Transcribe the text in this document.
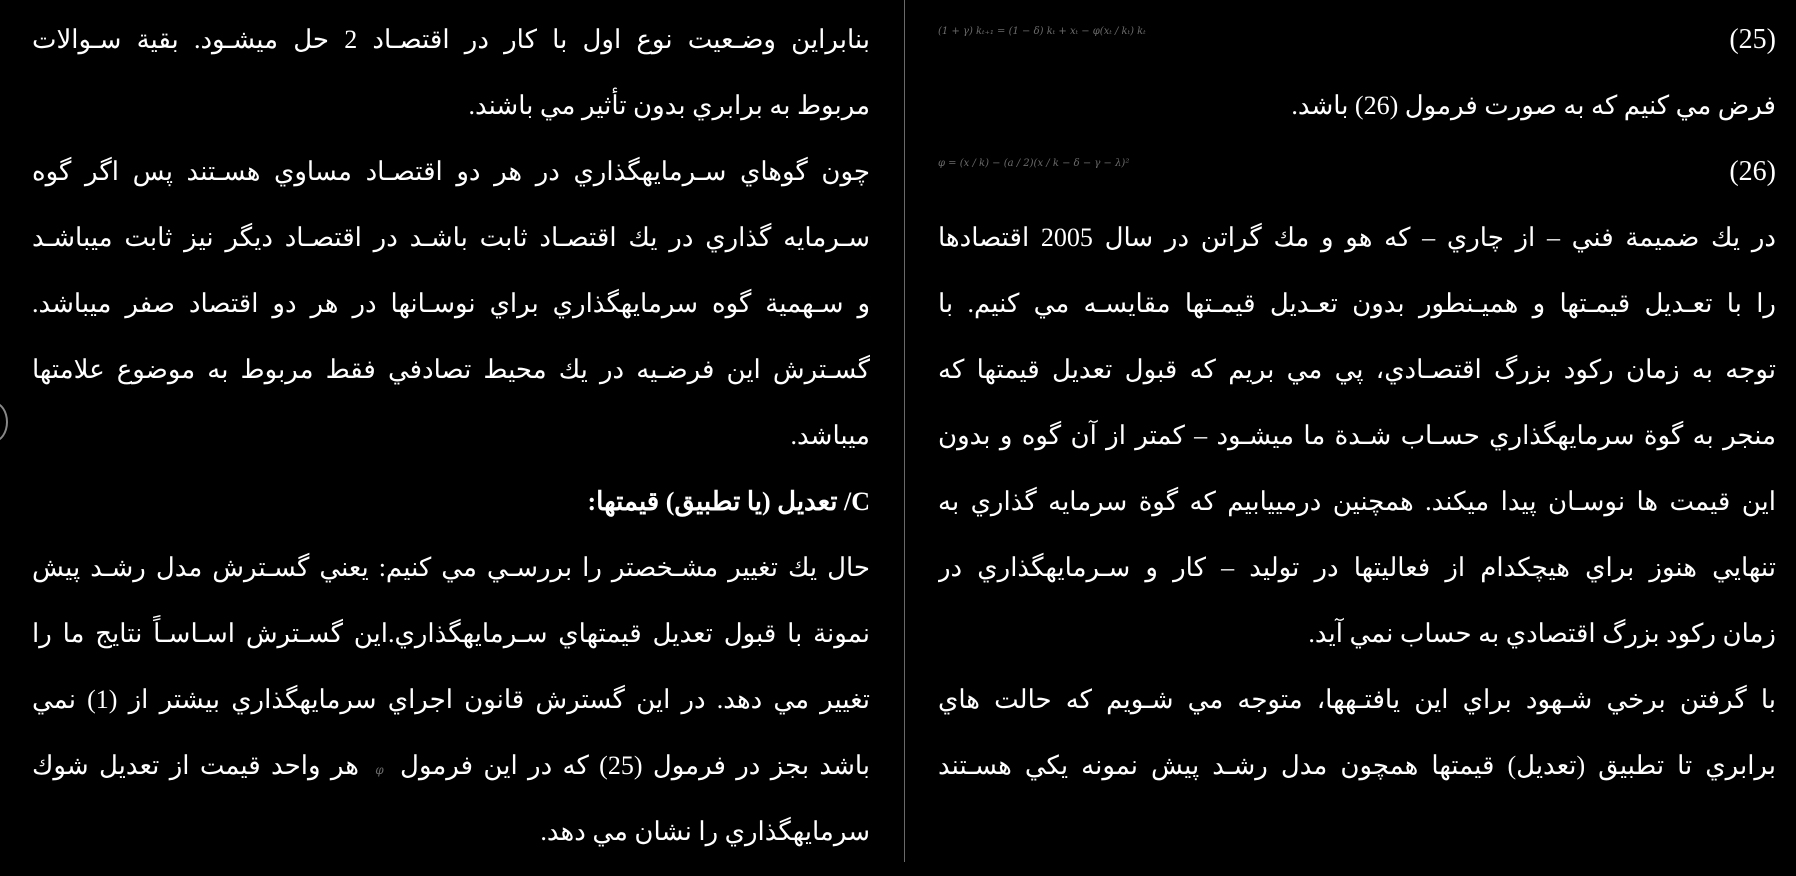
بنابراين وضـعيت نوع اول با كار در اقتصـاد 2 حل ميشـود. بقية سـوالات
مربوط به برابري بدون تأثير مي باشند.
چون گوهاي سـرمايهگذاري در هر دو اقتصـاد مساوي هسـتند پس اگر گوه
سـرمايه گذاري در يك اقتصـاد ثابت باشـد در اقتصـاد ديگر نيز ثابت ميباشـد
و سـهمية گوه سرمايهگذاري براي نوسـانها در هر دو اقتصاد صفر ميباشد.
گسـترش اين فرضـيه در يك محيط تصادفي فقط مربوط به موضوع علامتها
ميباشد.
C/ تعديل (يا تطبيق) قيمتها:
حال يك تغيير مشـخصتر را بررسـي مي كنيم: يعني گسـترش مدل رشـد پيش
نمونة با قبول تعديل قيمتهاي سـرمايهگذاري.اين گسـترش اسـاسـاً نتايج ما را
تغيير مي دهد. در اين گسترش قانون اجراي سرمايهگذاري بيشتر از (1) نمي
باشد بجز در فرمول (25) كه در اين فرمول φ هر واحد قيمت از تعديل شوك
سرمايهگذاري را نشان مي دهد.
(1 + γ) kₜ₊₁ = (1 − δ) kₜ + xₜ − φ(xₜ / kₜ) kₜ	(25)
فرض مي كنيم كه به صورت فرمول (26) باشد.
φ = (x / k) − (a / 2)(x / k − δ − γ − λ)²	(26)
در يك ضميمة فني – از چاري – كه هو و مك گراتن در سال 2005 اقتصادها
را با تعـديل قيمـتها و هميـنطور بدون تعـديل قيمـتها مقايسـه مي كنيم. با
توجه به زمان ركود بزرگ اقتصـادي، پي مي بريم كه قبول تعديل قيمتها كه
منجر به گوة سرمايهگذاري حسـاب شـدة ما ميشـود – كمتر از آن گوه و بدون
اين قيمت ها نوسـان پيدا ميكند. همچنين درميیابيم كه گوة سرمايه گذاري به
تنهايي هنوز براي هيچكدام از فعاليتها در توليد – كار و سـرمايهگذاري در
زمان ركود بزرگ اقتصادي به حساب نمي آيد.
با گرفتن برخي شـهود براي اين يافتـهها، متوجه مي شـويم كه حالت هاي
برابري تا تطبيق (تعديل) قيمتها همچون مدل رشـد پيش نمونه يكي هسـتند
